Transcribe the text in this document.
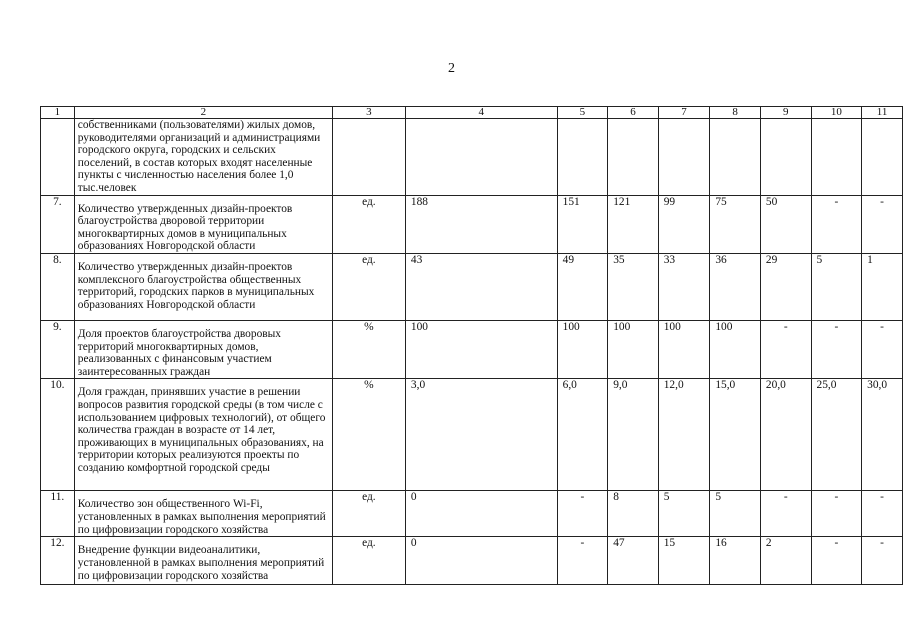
2
1	2	3	4	5	6	7	8	9	10	11
	собственниками (пользователями) жилых домов, руководителями организаций и администрациями городского округа, городских и сельских поселений, в состав которых входят населенные пункты с численностью населения более 1,0 тыс.человек									
7.	Количество утвержденных дизайн-проектов благоустройства дворовой территории многоквартирных домов в муниципальных образованиях Новгородской области	ед.	188	151	121	99	75	50	-	-
8.	Количество утвержденных дизайн-проектов комплексного благоустройства общественных территорий, городских парков в муниципальных образованиях Новгородской области	ед.	43	49	35	33	36	29	5	1
9.	Доля проектов благоустройства дворовых территорий многоквартирных домов, реализованных с финансовым участием заинтересованных граждан	%	100	100	100	100	100	-	-	-
10.	Доля граждан, принявших участие в решении вопросов развития городской среды (в том числе с использованием цифровых технологий), от общего количества граждан в возрасте от 14 лет, проживающих в муниципальных образованиях, на территории которых реализуются проекты по созданию комфортной городской среды	%	3,0	6,0	9,0	12,0	15,0	20,0	25,0	30,0
11.	Количество зон общественного Wi-Fi, установленных в рамках выполнения мероприятий по цифровизации городского хозяйства	ед.	0	-	8	5	5	-	-	-
12.	Внедрение функции видеоаналитики, установленной в рамках выполнения мероприятий по цифровизации городского хозяйства	ед.	0	-	47	15	16	2	-	-
